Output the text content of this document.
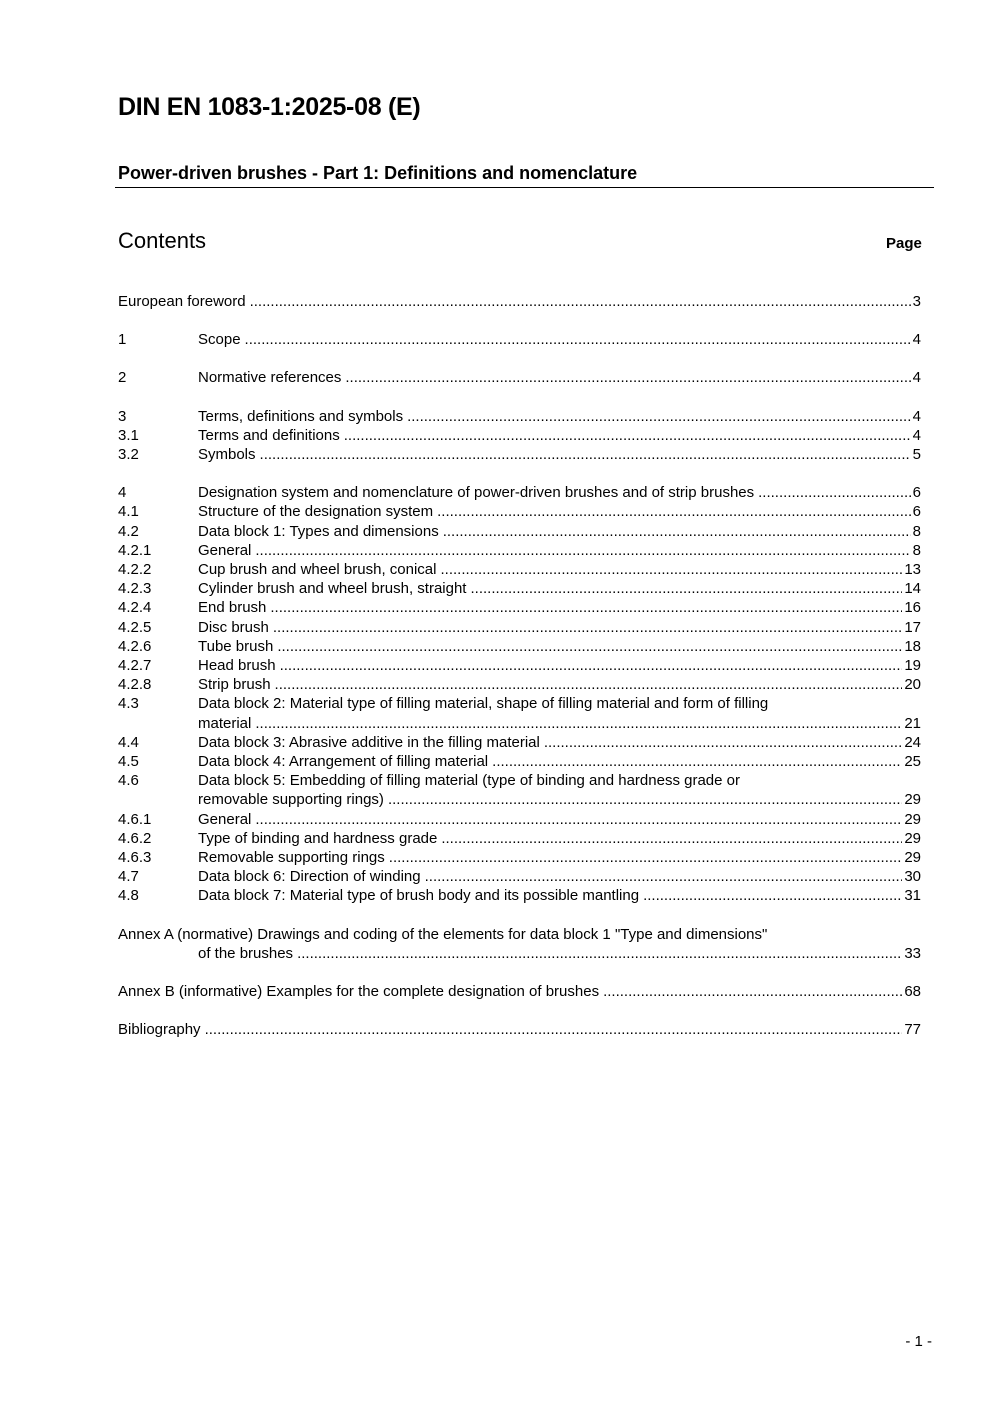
DIN EN 1083-1:2025-08 (E)
Power-driven brushes - Part 1: Definitions and nomenclature
Contents	Page
European foreword .....	3
1	Scope .....	4
2	Normative references .....	4
3	Terms, definitions and symbols .....	4
3.1	Terms and definitions .....	4
3.2	Symbols .....	5
4	Designation system and nomenclature of power-driven brushes and of strip brushes .....	6
4.1	Structure of the designation system .....	6
4.2	Data block 1: Types and dimensions .....	8
4.2.1	General .....	8
4.2.2	Cup brush and wheel brush, conical .....	13
4.2.3	Cylinder brush and wheel brush, straight .....	14
4.2.4	End brush .....	16
4.2.5	Disc brush .....	17
4.2.6	Tube brush .....	18
4.2.7	Head brush .....	19
4.2.8	Strip brush .....	20
4.3	Data block 2: Material type of filling material, shape of filling material and form of filling
material .....	21
4.4	Data block 3: Abrasive additive in the filling material .....	24
4.5	Data block 4: Arrangement of filling material .....	25
4.6	Data block 5: Embedding of filling material (type of binding and hardness grade or
removable supporting rings) .....	29
4.6.1	General .....	29
4.6.2	Type of binding and hardness grade .....	29
4.6.3	Removable supporting rings .....	29
4.7	Data block 6: Direction of winding .....	30
4.8	Data block 7: Material type of brush body and its possible mantling .....	31
Annex A (normative) Drawings and coding of the elements for data block 1 "Type and dimensions"
of the brushes .....	33
Annex B (informative) Examples for the complete designation of brushes .....	68
Bibliography .....	77
- 1 -
